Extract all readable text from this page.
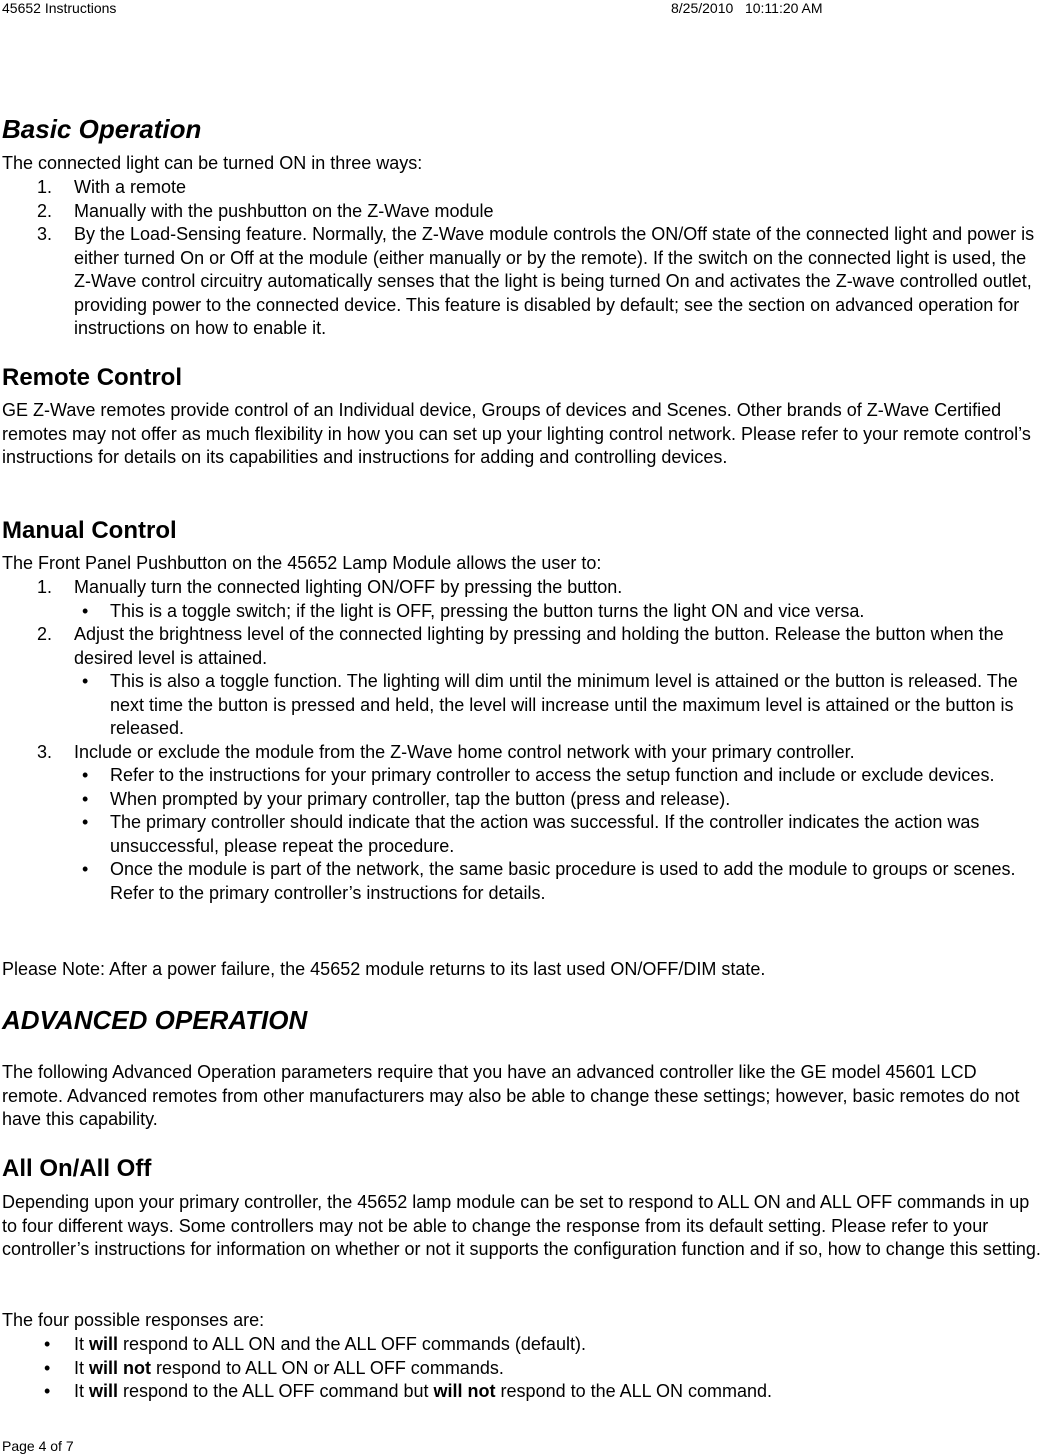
45652 Instructions	8/25/2010   10:11:20 AM
Basic Operation

The connected light can be turned ON in three ways:

1. With a remote
2. Manually with the pushbutton on the Z-Wave module
3. By the Load-Sensing feature. Normally, the Z-Wave module controls the ON/Off state of the connected light and power is either turned On or Off at the module (either manually or by the remote). If the switch on the connected light is used, the Z-Wave control circuitry automatically senses that the light is being turned On and activates the Z-wave controlled outlet, providing power to the connected device. This feature is disabled by default; see the section on advanced operation for instructions on how to enable it.
Remote Control

GE Z-Wave remotes provide control of an Individual device, Groups of devices and Scenes. Other brands of Z-Wave Certified remotes may not offer as much flexibility in how you can set up your lighting control network. Please refer to your remote control’s instructions for details on its capabilities and instructions for adding and controlling devices.

Manual Control

The Front Panel Pushbutton on the 45652 Lamp Module allows the user to:

1. Manually turn the connected lighting ON/OFF by pressing the button.
• This is a toggle switch; if the light is OFF, pressing the button turns the light ON and vice versa.
2. Adjust the brightness level of the connected lighting by pressing and holding the button. Release the button when the desired level is attained.
• This is also a toggle function. The lighting will dim until the minimum level is attained or the button is released. The next time the button is pressed and held, the level will increase until the maximum level is attained or the button is released.
3. Include or exclude the module from the Z-Wave home control network with your primary controller.
• Refer to the instructions for your primary controller to access the setup function and include or exclude devices.
• When prompted by your primary controller, tap the button (press and release).
• The primary controller should indicate that the action was successful. If the controller indicates the action was unsuccessful, please repeat the procedure.
• Once the module is part of the network, the same basic procedure is used to add the module to groups or scenes. Refer to the primary controller’s instructions for details.

Please Note: After a power failure, the 45652 module returns to its last used ON/OFF/DIM state.

ADVANCED OPERATION

The following Advanced Operation parameters require that you have an advanced controller like the GE model 45601 LCD remote. Advanced remotes from other manufacturers may also be able to change these settings; however, basic remotes do not have this capability.

All On/All Off

Depending upon your primary controller, the 45652 lamp module can be set to respond to ALL ON and ALL OFF commands in up to four different ways. Some controllers may not be able to change the response from its default setting. Please refer to your controller’s instructions for information on whether or not it supports the configuration function and if so, how to change this setting.

The four possible responses are:

• It will respond to ALL ON and the ALL OFF commands (default).
• It will not respond to ALL ON or ALL OFF commands.
• It will respond to the ALL OFF command but will not respond to the ALL ON command.
Page 4 of 7
